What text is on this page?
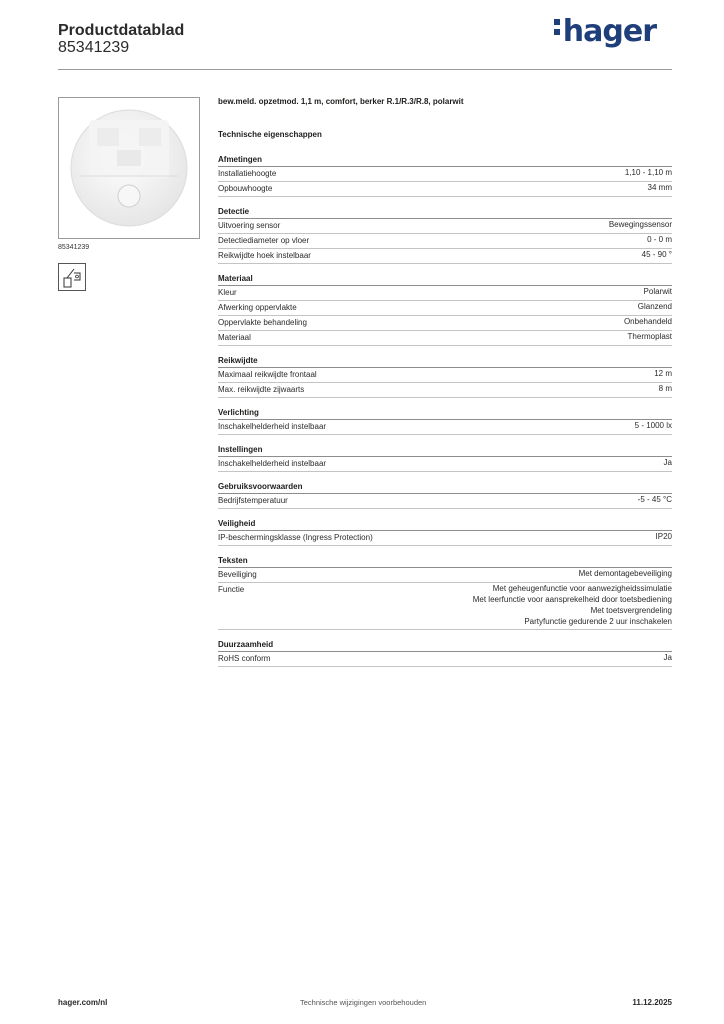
Productdatablad
85341239	hager
85341239
bew.meld. opzetmod. 1,1 m, comfort, berker R.1/R.3/R.8, polarwit
Technische eigenschappen
Afmetingen
Installatiehoogte	1,10 - 1,10 m
Opbouwhoogte	34 mm
Detectie
Uitvoering sensor	Bewegingssensor
Detectiediameter op vloer	0 - 0 m
Reikwijdte hoek instelbaar	45 - 90 °
Materiaal
Kleur	Polarwit
Afwerking oppervlakte	Glanzend
Oppervlakte behandeling	Onbehandeld
Materiaal	Thermoplast
Reikwijdte
Maximaal reikwijdte frontaal	12 m
Max. reikwijdte zijwaarts	8 m
Verlichting
Inschakelhelderheid instelbaar	5 - 1000 lx
Instellingen
Inschakelhelderheid instelbaar	Ja
Gebruiksvoorwaarden
Bedrijfstemperatuur	-5 - 45 °C
Veiligheid
IP-beschermingsklasse (Ingress Protection)	IP20
Teksten
Beveiliging	Met demontagebeveiliging
Functie	Met geheugenfunctie voor aanwezigheidssimulatie
Met leerfunctie voor aansprekelheid door toetsbediening
Met toetsvergrendeling
Partyfunctie gedurende 2 uur inschakelen
Duurzaamheid
RoHS conform	Ja
hager.com/nl	Technische wijzigingen voorbehouden	11.12.2025
